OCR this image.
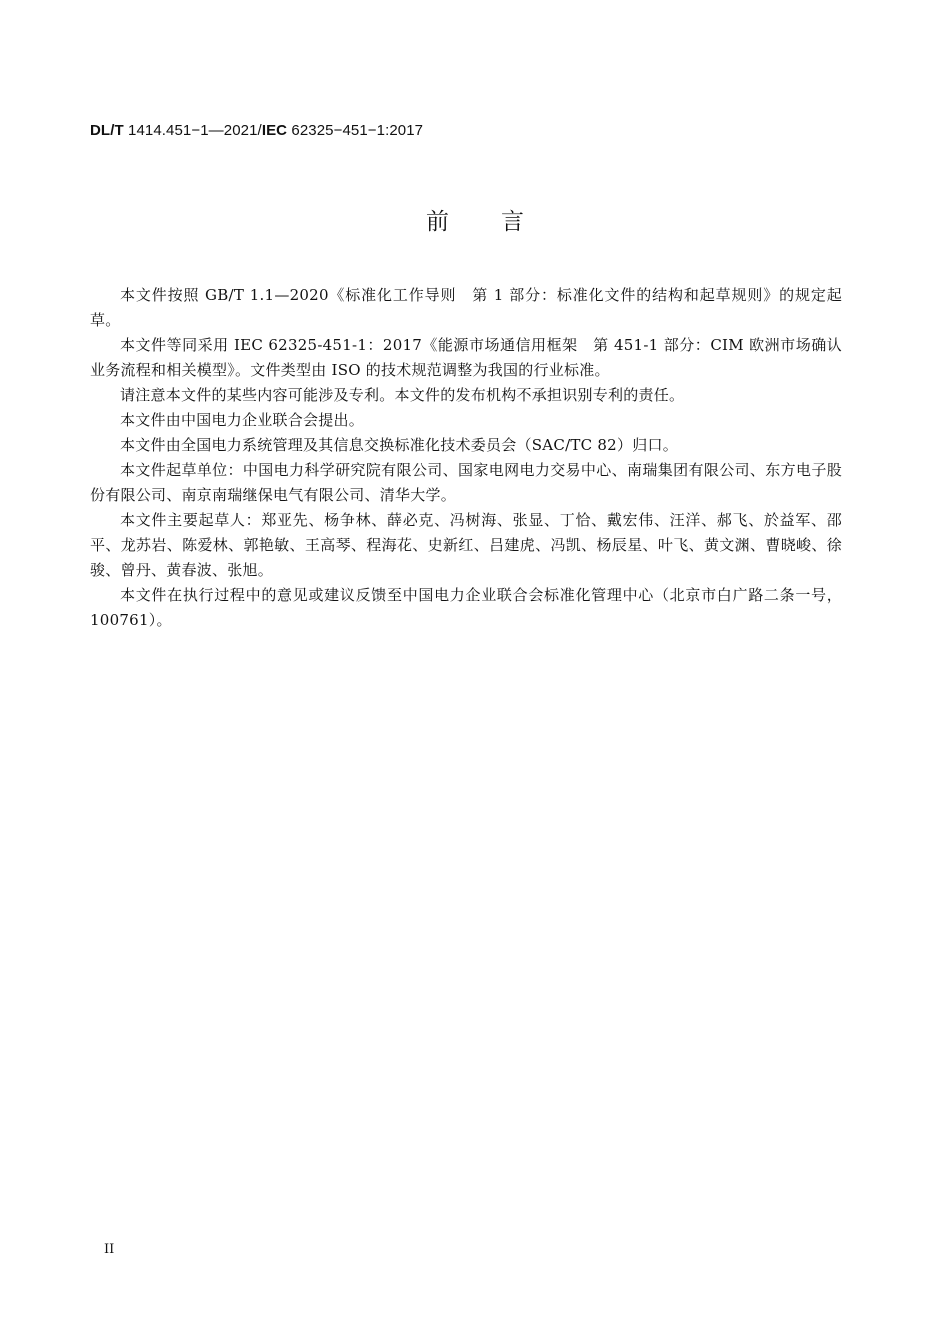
DL/T 1414.451−1—2021/IEC 62325−451−1:2017
前言

本文件按照 GB/T 1.1—2020《标准化工作导则　第 1 部分：标准化文件的结构和起草规则》的规定起草。

本文件等同采用 IEC 62325-451-1：2017《能源市场通信用框架　第 451-1 部分：CIM 欧洲市场确认业务流程和相关模型》。文件类型由 ISO 的技术规范调整为我国的行业标准。

请注意本文件的某些内容可能涉及专利。本文件的发布机构不承担识别专利的责任。

本文件由中国电力企业联合会提出。

本文件由全国电力系统管理及其信息交换标准化技术委员会（SAC/TC 82）归口。

本文件起草单位：中国电力科学研究院有限公司、国家电网电力交易中心、南瑞集团有限公司、东方电子股份有限公司、南京南瑞继保电气有限公司、清华大学。

本文件主要起草人：郑亚先、杨争林、薛必克、冯树海、张显、丁恰、戴宏伟、汪洋、郝飞、於益军、邵平、龙苏岩、陈爱林、郭艳敏、王高琴、程海花、史新红、吕建虎、冯凯、杨辰星、叶飞、黄文渊、曹晓峻、徐骏、曾丹、黄春波、张旭。

本文件在执行过程中的意见或建议反馈至中国电力企业联合会标准化管理中心（北京市白广路二条一号，100761）。

II
